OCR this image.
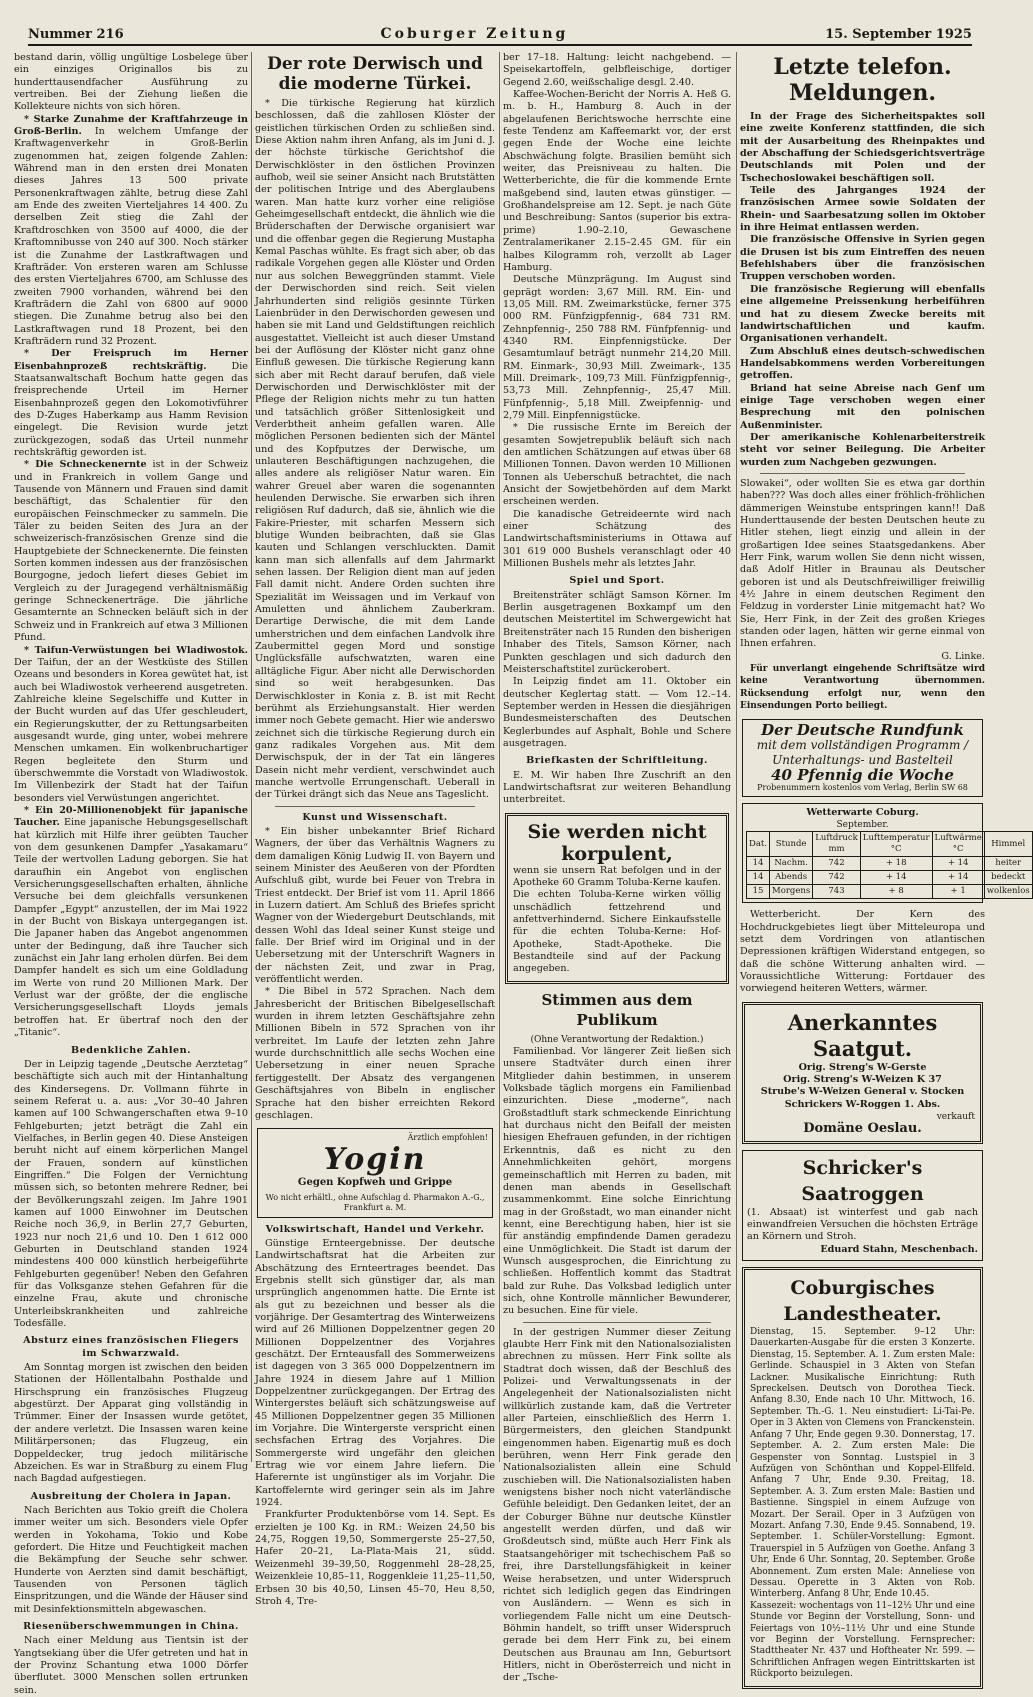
Nummer 216	Coburger Zeitung	15. September 1925

bestand darin, völlig ungültige Losbelege über ein einziges Originallos bis zu hunderttausendfacher Ausführung zu vertreiben. Bei der Ziehung ließen die Kollekteure nichts von sich hören.

* Starke Zunahme der Kraftfahrzeuge in Groß-Berlin. In welchem Umfange der Kraftwagenverkehr in Groß-Berlin zugenommen hat, zeigen folgende Zahlen: Während man in den ersten drei Monaten dieses Jahres 13 500 private Personenkraftwagen zählte, betrug diese Zahl am Ende des zweiten Vierteljahres 14 400. Zu derselben Zeit stieg die Zahl der Kraftdroschken von 3500 auf 4000, die der Kraftomnibusse von 240 auf 300. Noch stärker ist die Zunahme der Lastkraftwagen und Krafträder. Von ersteren waren am Schlusse des ersten Vierteljahres 6700, am Schlusse des zweiten 7900 vorhanden, während bei den Krafträdern die Zahl von 6800 auf 9000 stiegen. Die Zunahme betrug also bei den Lastkraftwagen rund 18 Prozent, bei den Krafträdern rund 32 Prozent.

* Der Freispruch im Herner Eisenbahnprozeß rechtskräftig.	Die Staatsanwaltschaft Bochum hatte gegen das freisprechende Urteil im Herner Eisenbahnprozeß gegen den Lokomotivführer des D-Zuges Haberkamp aus Hamm Revision eingelegt. Die Revision wurde jetzt zurückgezogen, sodaß das Urteil nunmehr rechtskräftig geworden ist.

* Die Schneckenernte ist in der Schweiz und in Frankreich in vollem Gange und Tausende von Männern und Frauen sind damit beschäftigt, das Schalentier für den europäischen Feinschmecker zu sammeln. Die Täler zu beiden Seiten des Jura an der schweizerisch-französischen Grenze sind die Hauptgebiete der Schneckenernte. Die feinsten Sorten kommen indessen aus der französischen Bourgogne, jedoch liefert dieses Gebiet im Vergleich zu der Juragegend verhältnismäßig geringe Schneckenerträge. Die jährliche Gesamternte an Schnecken beläuft sich in der Schweiz und in Frankreich auf etwa 3 Millionen Pfund.

* Taifun-Verwüstungen bei Wladiwostok. Der Taifun, der an der Westküste des Stillen Ozeans und besonders in Korea gewütet hat, ist auch bei Wladiwostok verheerend ausgetreten. Zahlreiche kleine Segelschiffe und Kutter in der Bucht wurden auf das Ufer geschleudert, ein Regierungskutter, der zu Rettungsarbeiten ausgesandt wurde, ging unter, wobei mehrere Menschen umkamen. Ein wolkenbruchartiger Regen begleitete den Sturm und überschwemmte die Vorstadt von Wladiwostok. Im Villenbezirk der Stadt hat der Taifun besonders viel Verwüstungen angerichtet.

* Ein 20-Millionenobjekt für japanische Taucher. Eine japanische Hebungsgesellschaft hat kürzlich mit Hilfe ihrer geübten Taucher von dem gesunkenen Dampfer „Yasakamaru“ Teile der wertvollen Ladung geborgen. Sie hat daraufhin ein Angebot von englischen Versicherungsgesellschaften erhalten, ähnliche Versuche bei dem gleichfalls versunkenen Dampfer „Egypt“ anzustellen, der im Mai 1922 in der Bucht von Biskaya untergegangen ist. Die Japaner haben das Angebot angenommen unter der Bedingung, daß ihre Taucher sich zunächst ein Jahr lang erholen dürfen. Bei dem Dampfer handelt es sich um eine Goldladung im Werte von rund 20 Millionen Mark. Der Verlust war der größte, der die englische Versicherungsgesellschaft Lloyds jemals betroffen hat. Er übertraf noch den der „Titanic“.

Bedenkliche Zahlen.

Der in Leipzig tagende „Deutsche Aerztetag“ beschäftigte sich auch mit der Hintanhaltung des Kindersegens. Dr. Vollmann führte in seinem Referat u. a. aus: „Vor 30–40 Jahren kamen auf 100 Schwangerschaften etwa 9–10 Fehlgeburten; jetzt beträgt die Zahl ein Vielfaches, in Berlin gegen 40. Diese Ansteigen beruht nicht auf einem körperlichen Mangel der Frauen, sondern auf künstlichen Eingriffen.“ Die Folgen der Vernichtung müssen sich, so betonten mehrere Redner, bei der Bevölkerungszahl zeigen. Im Jahre 1901 kamen auf 1000 Einwohner im Deutschen Reiche noch 36,9, in Berlin 27,7 Geburten, 1923 nur noch 21,6 und 10. Den 1 612 000 Geburten in Deutschland standen 1924 mindestens 400 000 künstlich herbeigeführte Fehlgeburten gegenüber! Neben den Gefahren für das Volksganze stehen Gefahren für die einzelne Frau, akute und chronische Unterleibskrankheiten und zahlreiche Todesfälle.

Absturz eines französischen Fliegers im Schwarzwald.

Am Sonntag morgen ist zwischen den beiden Stationen der Höllentalbahn Posthalde und Hirschsprung ein französisches Flugzeug abgestürzt. Der Apparat ging vollständig in Trümmer. Einer der Insassen wurde getötet, der andere verletzt. Die Insassen waren keine Militärpersonen; das Flugzeug, ein Doppeldecker, trug jedoch militärische Abzeichen. Es war in Straßburg zu einem Flug nach Bagdad aufgestiegen.

Ausbreitung der Cholera in Japan.

Nach Berichten aus Tokio greift die Cholera immer weiter um sich. Besonders viele Opfer werden in Yokohama, Tokio und Kobe gefordert. Die Hitze und Feuchtigkeit machen die Bekämpfung der Seuche sehr schwer. Hunderte von Aerzten sind damit beschäftigt, Tausenden von Personen täglich Einspritzungen, und die Wände der Häuser sind mit Desinfektionsmitteln abgewaschen.

Riesenüberschwemmungen in China.

Nach einer Meldung aus Tientsin ist der Yangtsekiang über die Ufer getreten und hat in der Provinz Schantung etwa 1000 Dörfer überflutet. 3000 Menschen sollen ertrunken sein.

Der rote Derwisch und die moderne Türkei.

* Die türkische Regierung hat kürzlich beschlossen, daß die zahllosen Klöster der geistlichen türkischen Orden zu schließen sind. Diese Aktion nahm ihren Anfang, als im Juni d. J. der höchste türkische Gerichtshof die Derwischklöster in den östlichen Provinzen aufhob, weil sie seiner Ansicht nach Brutstätten der politischen Intrige und des Aberglaubens waren. Man hatte kurz vorher eine religiöse Geheimgesellschaft entdeckt, die ähnlich wie die Brüderschaften der Derwische organisiert war und die offenbar gegen die Regierung Mustapha Kemal Paschas wühlte. Es fragt sich aber, ob das radikale Vorgehen gegen alle Klöster und Orden nur aus solchen Beweggründen stammt. Viele der Derwischorden sind reich. Seit vielen Jahrhunderten sind religiös gesinnte Türken Laienbrüder in den Derwischorden gewesen und haben sie mit Land und Geldstiftungen reichlich ausgestattet. Vielleicht ist auch dieser Umstand bei der Auflösung der Klöster nicht ganz ohne Einfluß gewesen. Die türkische Regierung kann sich aber mit Recht darauf berufen, daß viele Derwischorden und Derwischklöster mit der Pflege der Religion nichts mehr zu tun hatten und tatsächlich größer Sittenlosigkeit und Verderbtheit anheim gefallen waren. Alle möglichen Personen bedienten sich der Mäntel und des Kopfputzes der Derwische, um unlauteren Beschäftigungen nachzugehen, die alles andere als religiöser Natur waren. Ein wahrer Greuel aber waren die sogenannten heulenden Derwische. Sie erwarben sich ihren religiösen Ruf dadurch, daß sie, ähnlich wie die Fakire-Priester, mit scharfen Messern sich blutige Wunden beibrachten, daß sie Glas kauten und Schlangen verschluckten. Damit kann man sich allenfalls auf dem Jahrmarkt sehen lassen. Der Religion dient man auf jeden Fall damit nicht. Andere Orden suchten ihre Spezialität im Weissagen und im Verkauf von Amuletten und ähnlichem Zauberkram. Derartige Derwische, die mit dem Lande umherstrichen und dem einfachen Landvolk ihre Zaubermittel gegen Mord und sonstige Unglücksfälle aufschwatzten, waren eine alltägliche Figur. Aber nicht alle Derwischorden sind so weit herabgesunken. Das Derwischkloster in Konia z. B. ist mit Recht berühmt als Erziehungsanstalt. Hier werden immer noch Gebete gemacht. Hier wie anderswo zeichnet sich die türkische Regierung durch ein ganz radikales Vorgehen aus. Mit dem Derwischspuk, der in der Tat ein längeres Dasein nicht mehr verdient, verschwindet auch manche wertvolle Errungenschaft. Ueberall in der Türkei drängt sich das Neue ans Tageslicht.

Kunst und Wissenschaft.

* Ein bisher unbekannter Brief Richard Wagners, der über das Verhältnis Wagners zu dem damaligen König Ludwig II. von Bayern und seinem Minister des Aeußeren von der Pfordten Aufschluß gibt, wurde bei Feuer von Trebra in Triest entdeckt. Der Brief ist vom 11. April 1866 in Luzern datiert. Am Schluß des Briefes spricht Wagner von der Wiedergeburt Deutschlands, mit dessen Wohl das Ideal seiner Kunst steige und falle. Der Brief wird im Original und in der Uebersetzung mit der Unterschrift Wagners in der nächsten Zeit, und zwar in Prag, veröffentlicht werden.

* Die Bibel in 572 Sprachen. Nach dem Jahresbericht der Britischen Bibelgesellschaft wurden in ihrem letzten Geschäftsjahre zehn Millionen Bibeln in 572 Sprachen von ihr verbreitet. Im Laufe der letzten zehn Jahre wurde durchschnittlich alle sechs Wochen eine Uebersetzung in einer neuen Sprache fertiggestellt. Der Absatz des vergangenen Geschäftsjahres von Bibeln in englischer Sprache hat den bisher erreichten Rekord geschlagen.

Ärztlich empfohlen!
Yogin
Gegen Kopfweh und Grippe
Wo nicht erhältl., ohne Aufschlag d. Pharmakon A.-G., Frankfurt a. M.
Volkswirtschaft, Handel und Verkehr.

Günstige Ernteergebnisse. Der deutsche Landwirtschaftsrat hat die Arbeiten zur Abschätzung des Ernteertrages beendet. Das Ergebnis stellt sich günstiger dar, als man ursprünglich angenommen hatte. Die Ernte ist als gut zu bezeichnen und besser als die vorjährige. Der Gesamtertrag des Winterweizens wird auf 26 Millionen Doppelzentner gegen 20 Millionen Doppelzentner des Vorjahres geschätzt. Der Ernteausfall des Sommerweizens ist dagegen von 3 365 000 Doppelzentnern im Jahre 1924 in diesem Jahre auf 1 Million Doppelzentner zurückgegangen. Der Ertrag des Wintergerstes beläuft sich schätzungsweise auf 45 Millionen Doppelzentner gegen 35 Millionen im Vorjahre. Die Wintergerste verspricht einen sechsfachen Ertrag des Vorjahres. Die Sommergerste wird ungefähr den gleichen Ertrag wie vor einem Jahre liefern. Die Haferernte ist ungünstiger als im Vorjahr. Die Kartoffelernte wird geringer sein als im Jahre 1924.

Frankfurter Produktenbörse vom 14. Sept. Es erzielten je 100 Kg. in RM.: Weizen 24,50 bis 24,75, Roggen 19,50, Sommergerste 25–27,50, Hafer 20–21, La-Plata-Mais 21, südd. Weizenmehl 39–39,50, Roggenmehl 28–28,25, Weizenkleie 10,85–11, Roggenkleie 11,25–11,50, Erbsen 30 bis 40,50, Linsen 45–70, Heu 8,50, Stroh 4, Tre-

ber 17–18. Haltung: leicht nachgebend. — Speisekartoffeln, gelbfleischige, dortiger Gegend 2.60, weißschalige desgl. 2.40.

Kaffee-Wochen-Bericht der Norris A. Heß G. m. b. H., Hamburg 8. Auch in der abgelaufenen Berichtswoche herrschte eine feste Tendenz am Kaffeemarkt vor, der erst gegen Ende der Woche eine leichte Abschwächung folgte. Brasilien bemüht sich weiter, das Preisniveau zu halten. Die Wetterberichte, die für die kommende Ernte maßgebend sind, lauten etwas günstiger. — Großhandelspreise am 12. Sept. je nach Güte und Beschreibung: Santos (superior bis extra-prime) 1.90–2.10, Gewaschene Zentralamerikaner 2.15–2.45 GM. für ein halbes Kilogramm roh, verzollt ab Lager Hamburg.

Deutsche Münzprägung. Im August sind geprägt worden: 3,67 Mill. RM. Ein- und 13,05 Mill. RM. Zweimarkstücke, ferner 375 000 RM. Fünfzigpfennig-, 684 731 RM. Zehnpfennig-, 250 788 RM. Fünfpfennig- und 4340 RM. Einpfennigstücke. Der Gesamtumlauf beträgt nunmehr 214,20 Mill. RM. Einmark-, 30,93 Mill. Zweimark-, 135 Mill. Dreimark-, 109,73 Mill. Fünfzigpfennig-, 53,73 Mill. Zehnpfennig-, 25,47 Mill. Fünfpfennig-, 5,18 Mill. Zweipfennig- und 2,79 Mill. Einpfennigstücke.

* Die russische Ernte im Bereich der gesamten Sowjetrepublik beläuft sich nach den amtlichen Schätzungen auf etwas über 68 Millionen Tonnen. Davon werden 10 Millionen Tonnen als Ueberschuß betrachtet, die nach Ansicht der Sowjetbehörden auf dem Markt erscheinen werden.

Die kanadische Getreideernte wird nach einer Schätzung des Landwirtschaftsministeriums in Ottawa auf 301 619 000 Bushels veranschlagt oder 40 Millionen Bushels mehr als letztes Jahr.

Spiel und Sport.

Breitensträter schlägt Samson Körner. Im Berlin ausgetragenen Boxkampf um den deutschen Meistertitel im Schwergewicht hat Breitensträter nach 15 Runden den bisherigen Inhaber des Titels, Samson Körner, nach Punkten geschlagen und sich dadurch den Meisterschaftstitel zurückerobert.

In Leipzig findet am 11. Oktober ein deutscher Keglertag statt. — Vom 12.–14. September werden in Hessen die diesjährigen Bundesmeisterschaften des Deutschen Keglerbundes auf Asphalt, Bohle und Schere ausgetragen.

Briefkasten der Schriftleitung.

E. M. Wir haben Ihre Zuschrift an den Landwirtschaftsrat zur weiteren Behandlung unterbreitet.

Sie werden nicht korpulent,

wenn sie unsern Rat befolgen und in der Apotheke 60 Gramm Toluba-Kerne kaufen. Die echten Toluba-Kerne wirken völlig unschädlich fettzehrend und anfettverhindernd. Sichere Einkaufsstelle für die echten Toluba-Kerne: Hof-Apotheke, Stadt-Apotheke. Die Bestandteile sind auf der Packung angegeben.

Stimmen aus dem Publikum
(Ohne Verantwortung der Redaktion.)

Familienbad. Vor längerer Zeit ließen sich unsere Stadtväter durch einen ihrer Mitglieder dahin bestimmen, in unserem Volksbade täglich morgens ein Familienbad einzurichten. Diese „moderne“, nach Großstadtluft stark schmeckende Einrichtung hat durchaus nicht den Beifall der meisten hiesigen Ehefrauen gefunden, in der richtigen Erkenntnis, daß es nicht zu den Annehmlichkeiten gehört, morgens gemeinschaftlich mit Herren zu baden, mit denen man abends in Gesellschaft zusammenkommt. Eine solche Einrichtung mag in der Großstadt, wo man einander nicht kennt, eine Berechtigung haben, hier ist sie für anständig empfindende Damen geradezu eine Unmöglichkeit. Die Stadt ist darum der Wunsch ausgesprochen, die Einrichtung zu schließen. Hoffentlich kommt das Stadtrat bald zur Ruhe. Das Volksbad lediglich unter sich, ohne Kontrolle männlicher Bewunderer, zu besuchen. Eine für viele.

In der gestrigen Nummer dieser Zeitung glaubte Herr Fink mit den Nationalsozialisten abrechnen zu müssen. Herr Fink sollte als Stadtrat doch wissen, daß der Beschluß des Polizei- und Verwaltungssenats in der Angelegenheit der Nationalsozialisten nicht willkürlich zustande kam, daß die Vertreter aller Parteien, einschließlich des Herrn 1. Bürgermeisters, den gleichen Standpunkt eingenommen haben. Eigenartig muß es doch berühren, wenn Herr Fink gerade den Nationalsozialisten allein eine Schuld zuschieben will. Die Nationalsozialisten haben wenigstens bisher noch nicht vaterländische Gefühle beleidigt. Den Gedanken leitet, der an der Coburger Bühne nur deutsche Künstler angestellt werden dürfen, und daß wir Großdeutsch sind, müßte auch Herr Fink als Staatsangehöriger mit tschechischem Paß so frei, ihre Darstellungsfähigkeit in keiner Weise herabsetzen, und unter Widerspruch richtet sich lediglich gegen das Eindringen von Ausländern. — Wenn es sich in vorliegendem Falle nicht um eine Deutsch-Böhmin handelt, so trifft unser Widerspruch gerade bei dem Herr Fink zu, bei einem Deutschen aus Braunau am Inn, Geburtsort Hitlers, nicht in Oberösterreich und nicht in der „Tsche-

Letzte telefon. Meldungen.

In der Frage des Sicherheitspaktes soll eine zweite Konferenz stattfinden, die sich mit der Ausarbeitung des Rheinpaktes und der Abschaffung der Schiedsgerichtsverträge Deutschlands mit Polen und der Tschechoslowakei beschäftigen soll.

Teile des Jahrganges 1924 der französischen Armee sowie Soldaten der Rhein- und Saarbesatzung sollen im Oktober in ihre Heimat entlassen werden.

Die französische Offensive in Syrien gegen die Drusen ist bis zum Eintreffen des neuen Befehlshabers über die französischen Truppen verschoben worden.

Die französische Regierung will ebenfalls eine allgemeine Preissenkung herbeiführen und hat zu diesem Zwecke bereits mit landwirtschaftlichen und kaufm. Organisationen verhandelt.

Zum Abschluß eines deutsch-schwedischen Handelsabkommens werden Vorbereitungen getroffen.

Briand hat seine Abreise nach Genf um einige Tage verschoben wegen einer Besprechung mit den polnischen Außenminister.

Der amerikanische Kohlenarbeiterstreik steht vor seiner Beilegung. Die Arbeiter wurden zum Nachgeben gezwungen.

Slowakei“, oder wollten Sie es etwa gar dorthin haben??? Was doch alles einer fröhlich-fröhlichen dämmerigen Weinstube entspringen kann!! Daß Hunderttausende der besten Deutschen heute zu Hitler stehen, liegt einzig und allein in der großartigen Idee seines Staatsgedankens. Aber Herr Fink, warum wollen Sie denn nicht wissen, daß Adolf Hitler in Braunau als Deutscher geboren ist und als Deutschfreiwilliger freiwillig 4½ Jahre in einem deutschen Regiment den Feldzug in vorderster Linie mitgemacht hat? Wo Sie, Herr Fink, in der Zeit des großen Krieges standen oder lagen, hätten wir gerne einmal von Ihnen erfahren.

G. Linke.

Für unverlangt eingehende Schriftsätze wird keine Verantwortung übernommen. Rücksendung erfolgt nur, wenn den Einsendungen Porto beiliegt.

Der Deutsche Rundfunk
mit dem vollständigen Programm / Unterhaltungs- und Bastelteil
40 Pfennig die Woche
Probenummern kostenlos vom Verlag, Berlin SW 68
Wetterwarte Coburg.
September.
Dat.	Stunde	Luftdruck mm	Lufttemperatur °C	Luftwärme °C	Himmel
14	Nachm.	742	+ 18	+ 14	heiter
14	Abends	742	+ 14	+ 14	bedeckt
15	Morgens	743	+ 8	+ 1	wolkenlos

Wetterbericht. Der Kern des Hochdruckgebietes liegt über Mitteleuropa und setzt dem Vordringen von atlantischen Depressionen kräftigen Widerstand entgegen, so daß die schöne Witterung anhalten wird. — Voraussichtliche Witterung: Fortdauer des vorwiegend heiteren Wetters, wärmer.

Anerkanntes Saatgut.
Orig. Streng's W-Gerste
Orig. Streng's W-Weizen K 37
Strube's W-Weizen General v. Stocken
Schrickers W-Roggen 1. Abs.
verkauft
Domäne Oeslau.
Schricker's Saatroggen

(1. Absaat) ist winterfest und gab nach einwandfreien Versuchen die höchsten Erträge an Körnern und Stroh.

Eduard Stahn, Meschenbach.
Coburgisches Landestheater.

Dienstag, 15. September. 9–12 Uhr: Dauerkarten-Ausgabe für die ersten 3 Konzerte. Dienstag, 15. September. A. 1. Zum ersten Male: Gerlinde. Schauspiel in 3 Akten von Stefan Lackner. Musikalische Einrichtung: Ruth Spreckelsen. Deutsch von Dorothea Tieck. Anfang 8.30, Ende nach 10 Uhr. Mittwoch, 16. September. Th.-G. 1. Neu einstudiert: Li-Tai-Pe. Oper in 3 Akten von Clemens von Franckenstein. Anfang 7 Uhr, Ende gegen 9.30. Donnerstag, 17. September. A. 2. Zum ersten Male: Die Gespenster von Sonntag. Lustspiel in 3 Aufzügen von Schönthan und Koppel-Ellfeld. Anfang 7 Uhr, Ende 9.30. Freitag, 18. September. A. 3. Zum ersten Male: Bastien und Bastienne. Singspiel in einem Aufzuge von Mozart. Der Serail. Oper in 3 Aufzügen von Mozart. Anfang 7.30, Ende 9.45. Sonnabend, 19. September. 1. Schüler-Vorstellung: Egmont. Trauerspiel in 5 Aufzügen von Goethe. Anfang 3 Uhr, Ende 6 Uhr. Sonntag, 20. September. Große Abonnement. Zum ersten Male: Anneliese von Dessau. Operette in 3 Akten von Rob. Winterberg. Anfang 8 Uhr, Ende 10.45.

Kassezeit: wochentags von 11–12½ Uhr und eine Stunde vor Beginn der Vorstellung, Sonn- und Feiertags von 10½–11½ Uhr und eine Stunde vor Beginn der Vorstellung. Fernsprecher: Stadttheater Nr. 437 und Hoftheater Nr. 599. — Schriftlichen Anfragen wegen Eintrittskarten ist Rückporto beizulegen.
